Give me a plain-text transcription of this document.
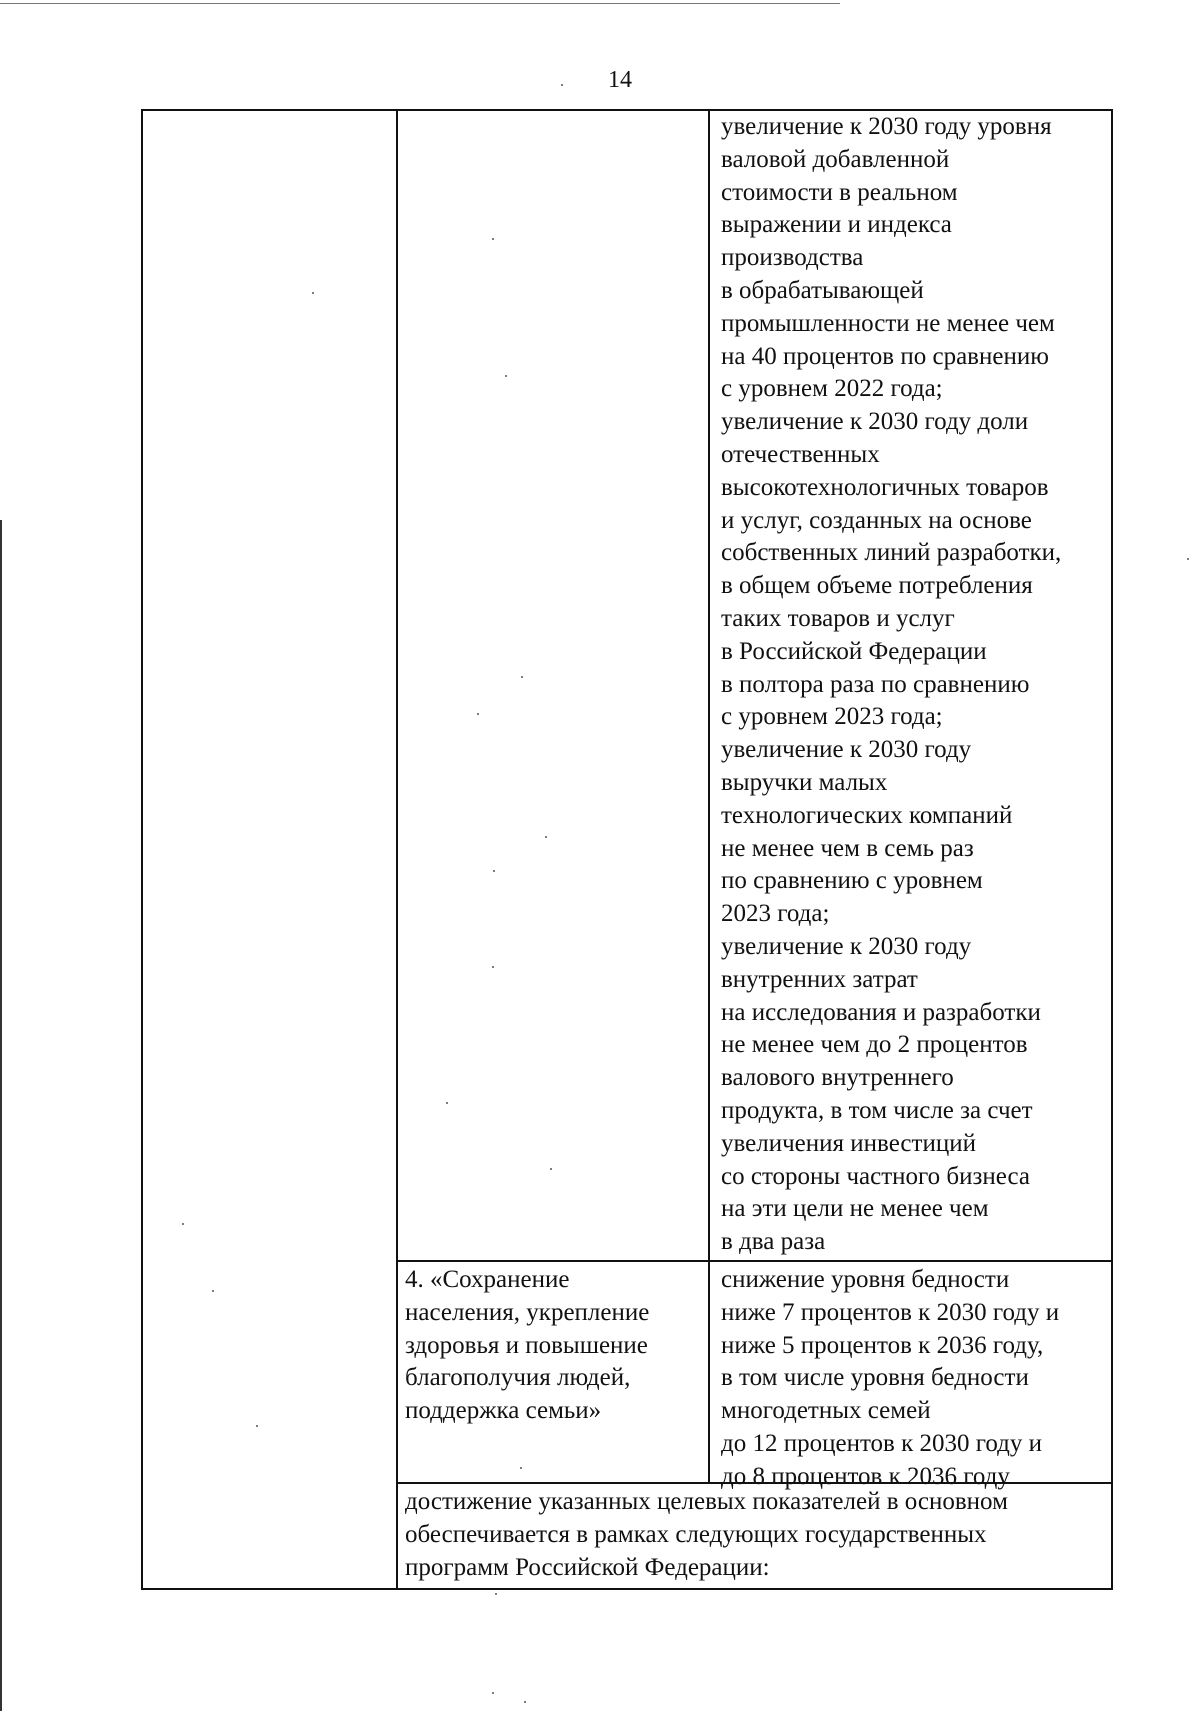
14
увеличение к 2030 году уровня
валовой добавленной
стоимости в реальном
выражении и индекса
производства
в обрабатывающей
промышленности не менее чем
на 40 процентов по сравнению
с уровнем 2022 года;
увеличение к 2030 году доли
отечественных
высокотехнологичных товаров
и услуг, созданных на основе
собственных линий разработки,
в общем объеме потребления
таких товаров и услуг
в Российской Федерации
в полтора раза по сравнению
с уровнем 2023 года;
увеличение к 2030 году
выручки малых
технологических компаний
не менее чем в семь раз
по сравнению с уровнем
2023 года;
увеличение к 2030 году
внутренних затрат
на исследования и разработки
не менее чем до 2 процентов
валового внутреннего
продукта, в том числе за счет
увеличения инвестиций
со стороны частного бизнеса
на эти цели не менее чем
в два раза
4. «Сохранение
населения, укрепление
здоровья и повышение
благополучия людей,
поддержка семьи»
снижение уровня бедности
ниже 7 процентов к 2030 году и
ниже 5 процентов к 2036 году,
в том числе уровня бедности
многодетных семей
до 12 процентов к 2030 году и
до 8 процентов к 2036 году
достижение указанных целевых показателей в основном
обеспечивается в рамках следующих государственных
программ Российской Федерации:
